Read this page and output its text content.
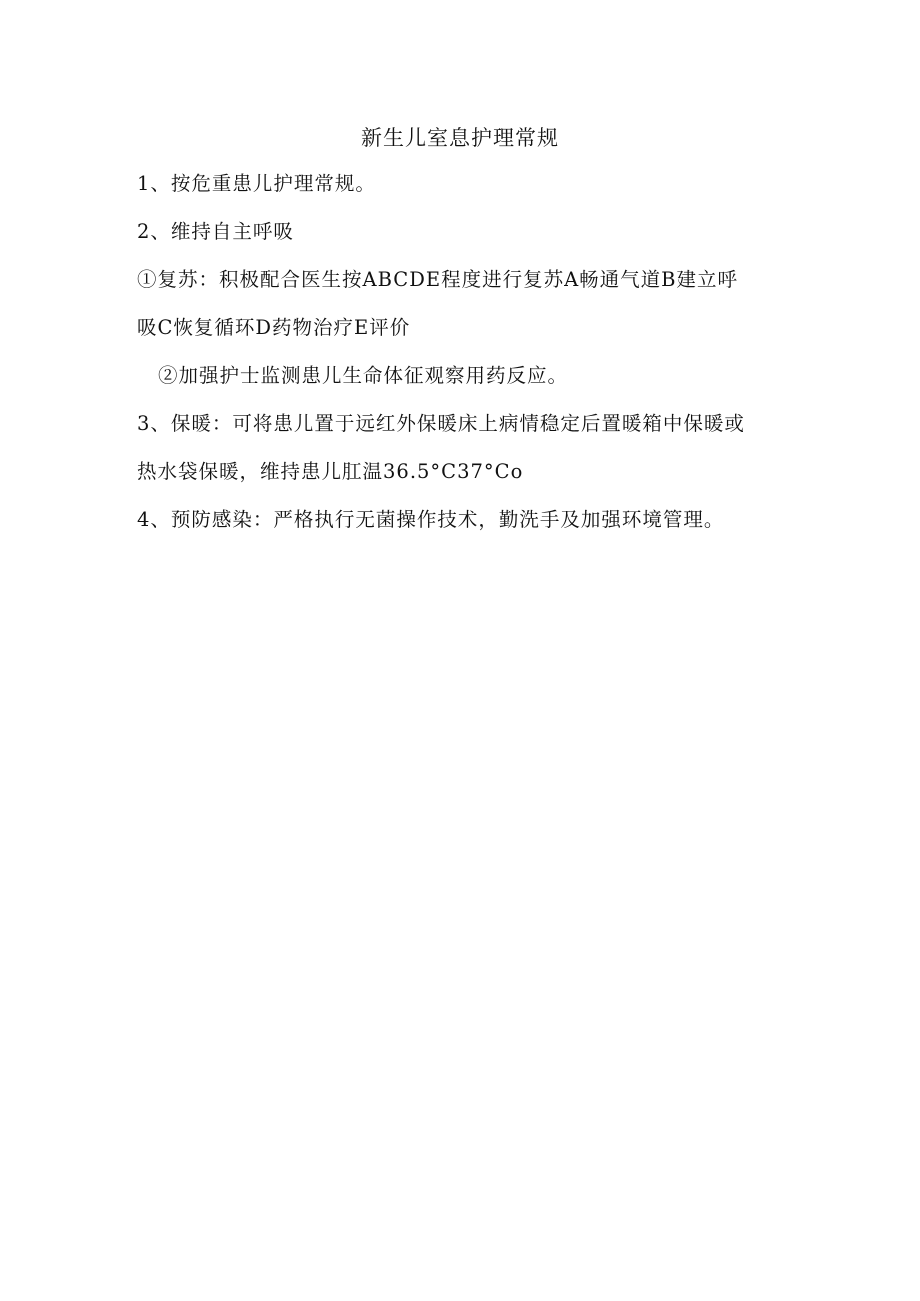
新生儿室息护理常规
1、按危重患儿护理常规。
2、维持自主呼吸
①复苏：积极配合医生按ABCDE程度进行复苏A畅通气道B建立呼
吸C恢复循环D药物治疗E评价
②加强护士监测患儿生命体征观察用药反应。
3、保暖：可将患儿置于远红外保暖床上病情稳定后置暖箱中保暖或
热水袋保暖，维持患儿肛温36.5°C37°Co
4、预防感染：严格执行无菌操作技术，勤洗手及加强环境管理。
